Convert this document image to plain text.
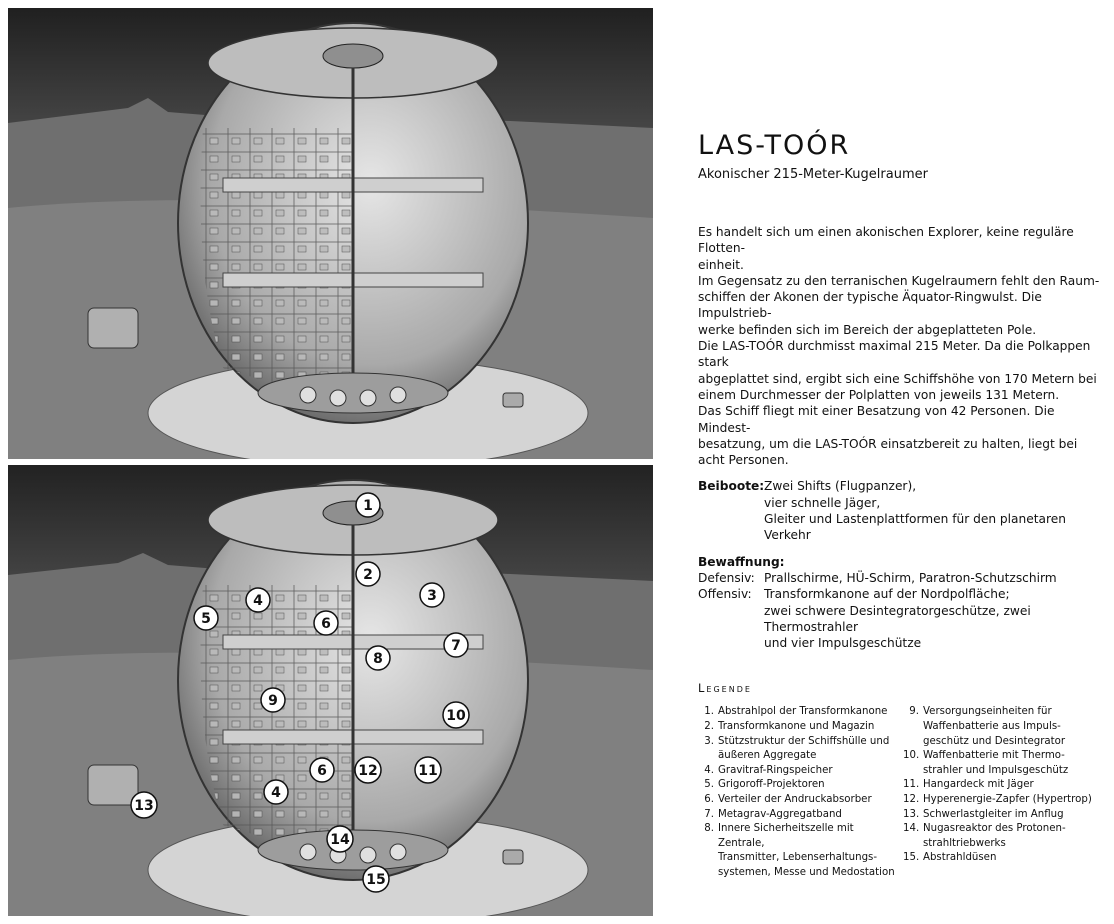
1
2
3
4
5	6
7
8
9
10
6 12	11
4
13
14
15
LAS-TOÓR

Akonischer 215-Meter-Kugelraumer

Es handelt sich um einen akonischen Explorer, keine reguläre Flotten-

einheit.

Im Gegensatz zu den terranischen Kugelraumern fehlt den Raum-

schiffen der Akonen der typische Äquator-Ringwulst. Die Impulstrieb-

werke befinden sich im Bereich der abgeplatteten Pole.

Die LAS-TOÓR durchmisst maximal 215 Meter. Da die Polkappen stark

abgeplattet sind, ergibt sich eine Schiffshöhe von 170 Metern bei

einem Durchmesser der Polplatten von jeweils 131 Metern.

Das Schiff fliegt mit einer Besatzung von 42 Personen. Die Mindest-

besatzung, um die LAS-TOÓR einsatzbereit zu halten, liegt bei

acht Personen.

Beiboote: Zwei Shifts (Flugpanzer),
vier schnelle Jäger,
Gleiter und Lastenplattformen für den planetaren Verkehr
Bewaffnung:
Defensiv: Prallschirme, HÜ-Schirm, Paratron-Schutzschirm
Offensiv:	Transformkanone auf der Nordpolfläche;
zwei schwere Desintegratorgeschütze, zwei Thermostrahler
und vier Impulsgeschütze
Legende
1. Abstrahlpol der Transformkanone
2. Transformkanone und Magazin
3. Stützstruktur der Schiffshülle und
äußeren Aggregate
4. Gravitraf-Ringspeicher
5. Grigoroff-Projektoren
6. Verteiler der Andruckabsorber
7. Metagrav-Aggregatband
8. Innere Sicherheitszelle mit Zentrale,
Transmitter, Lebenserhaltungs-
systemen, Messe und Medostation
9. Versorgungseinheiten für
Waffenbatterie aus Impuls-
geschütz und Desintegrator
10. Waffenbatterie mit Thermo-
strahler und Impulsgeschütz
11. Hangardeck mit Jäger
12. Hyperenergie-Zapfer (Hypertrop)
13. Schwerlastgleiter im Anflug
14. Nugasreaktor des Protonen-
strahltriebwerks
15. Abstrahldüsen
